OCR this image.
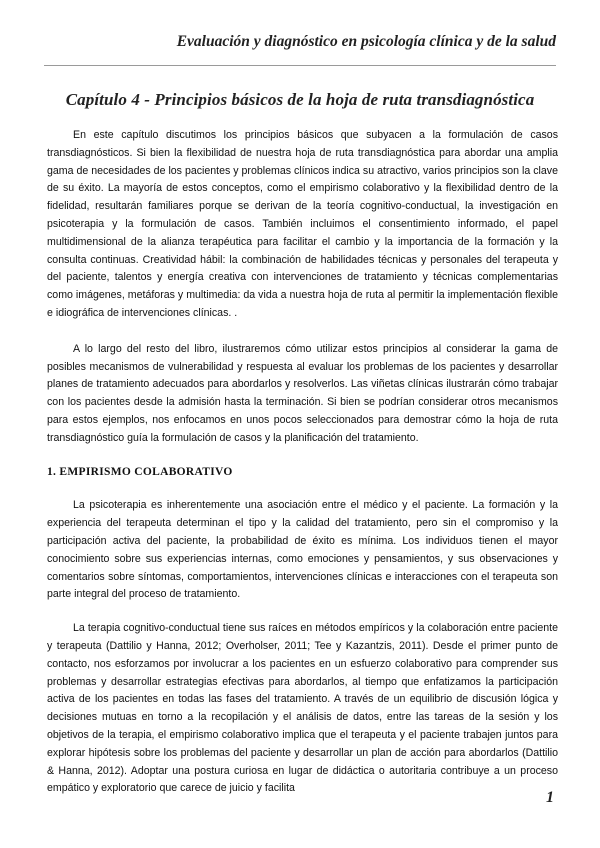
Evaluación y diagnóstico en psicología clínica y de la salud
Capítulo 4 - Principios básicos de la hoja de ruta transdiagnóstica

En este capítulo discutimos los principios básicos que subyacen a la formulación de casos transdiagnósticos. Si bien la flexibilidad de nuestra hoja de ruta transdiagnóstica para abordar una amplia gama de necesidades de los pacientes y problemas clínicos indica su atractivo, varios principios son la clave de su éxito. La mayoría de estos conceptos, como el empirismo colaborativo y la flexibilidad dentro de la fidelidad, resultarán familiares porque se derivan de la teoría cognitivo-conductual, la investigación en psicoterapia y la formulación de casos. También incluimos el consentimiento informado, el papel multidimensional de la alianza terapéutica para facilitar el cambio y la importancia de la formación y la consulta continuas. Creatividad hábil: la combinación de habilidades técnicas y personales del terapeuta y del paciente, talentos y energía creativa con intervenciones de tratamiento y técnicas complementarias como imágenes, metáforas y multimedia: da vida a nuestra hoja de ruta al permitir la implementación flexible e idiográfica de intervenciones clínicas. .

A lo largo del resto del libro, ilustraremos cómo utilizar estos principios al considerar la gama de posibles mecanismos de vulnerabilidad y respuesta al evaluar los problemas de los pacientes y desarrollar planes de tratamiento adecuados para abordarlos y resolverlos. Las viñetas clínicas ilustrarán cómo trabajar con los pacientes desde la admisión hasta la terminación. Si bien se podrían considerar otros mecanismos para estos ejemplos, nos enfocamos en unos pocos seleccionados para demostrar cómo la hoja de ruta transdiagnóstico guía la formulación de casos y la planificación del tratamiento.

1. EMPIRISMO COLABORATIVO

La psicoterapia es inherentemente una asociación entre el médico y el paciente. La formación y la experiencia del terapeuta determinan el tipo y la calidad del tratamiento, pero sin el compromiso y la participación activa del paciente, la probabilidad de éxito es mínima. Los individuos tienen el mayor conocimiento sobre sus experiencias internas, como emociones y pensamientos, y sus observaciones y comentarios sobre síntomas, comportamientos, intervenciones clínicas e interacciones con el terapeuta son parte integral del proceso de tratamiento.

La terapia cognitivo-conductual tiene sus raíces en métodos empíricos y la colaboración entre paciente y terapeuta (Dattilio y Hanna, 2012; Overholser, 2011; Tee y Kazantzis, 2011). Desde el primer punto de contacto, nos esforzamos por involucrar a los pacientes en un esfuerzo colaborativo para comprender sus problemas y desarrollar estrategias efectivas para abordarlos, al tiempo que enfatizamos la participación activa de los pacientes en todas las fases del tratamiento. A través de un equilibrio de discusión lógica y decisiones mutuas en torno a la recopilación y el análisis de datos, entre las tareas de la sesión y los objetivos de la terapia, el empirismo colaborativo implica que el terapeuta y el paciente trabajen juntos para explorar hipótesis sobre los problemas del paciente y desarrollar un plan de acción para abordarlos (Dattilio & Hanna, 2012). Adoptar una postura curiosa en lugar de didáctica o autoritaria contribuye a un proceso empático y exploratorio que carece de juicio y facilita

1
